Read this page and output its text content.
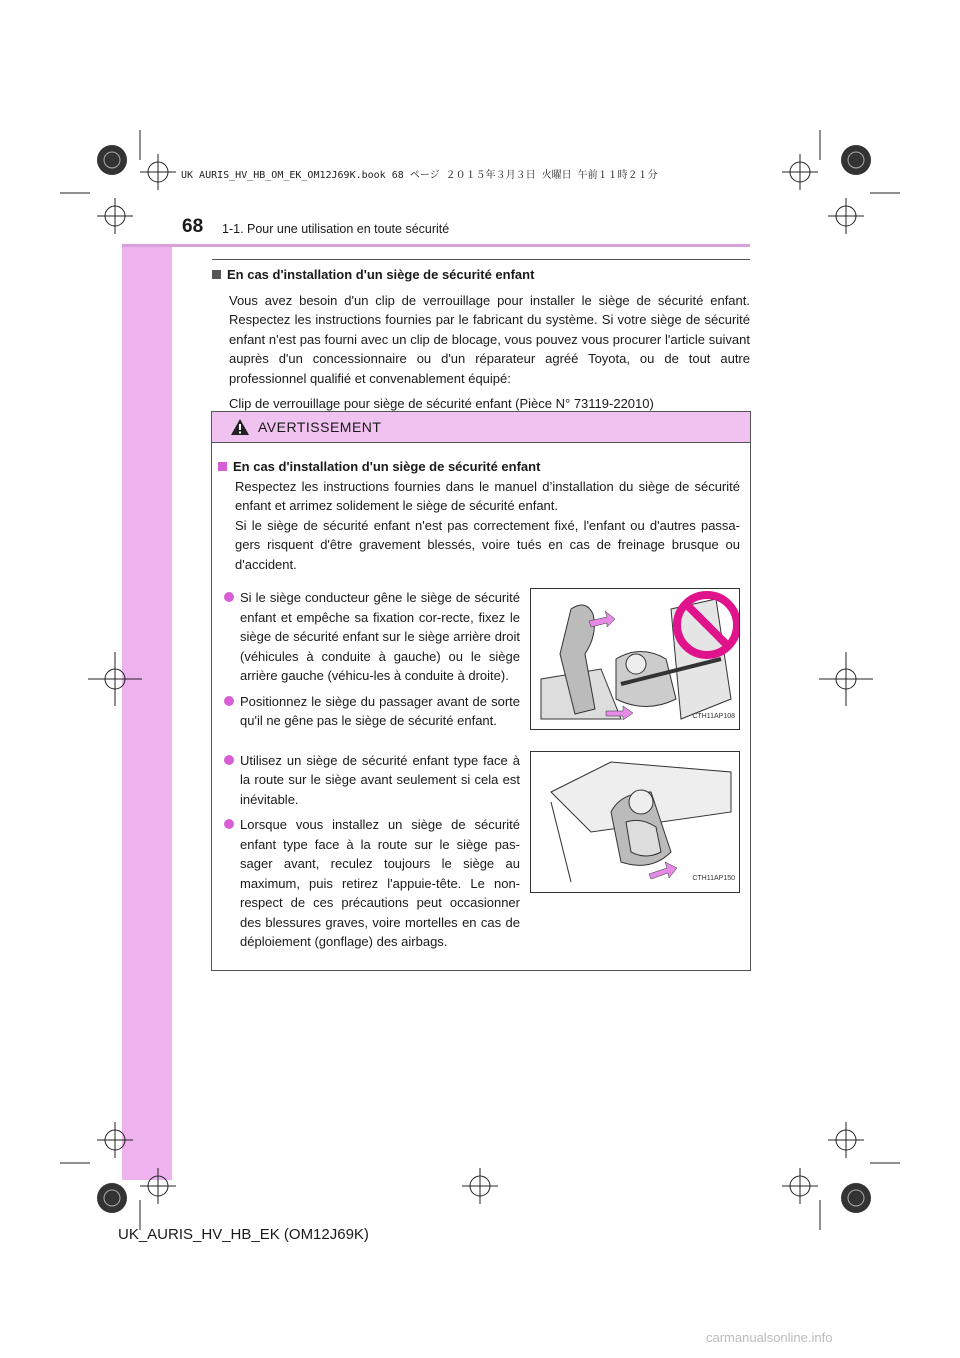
UK AURIS_HV_HB_OM_EK_OM12J69K.book 68 ページ ２０１５年３月３日 火曜日 午前１１時２１分
68 1-1. Pour une utilisation en toute sécurité
En cas d'installation d'un siège de sécurité enfant

Vous avez besoin d'un clip de verrouillage pour installer le siège de sécurité enfant. Respectez les instructions fournies par le fabricant du système. Si votre siège de sécurité enfant n'est pas fourni avec un clip de blocage, vous pouvez vous procurer l'article suivant auprès d'un concessionnaire ou d'un réparateur agréé Toyota, ou de tout autre professionnel qualifié et convenablement équipé:

Clip de verrouillage pour siège de sécurité enfant (Pièce N° 73119-22010)

AVERTISSEMENT
En cas d'installation d'un siège de sécurité enfant
Respectez les instructions fournies dans le manuel d’installation du siège de sécurité enfant et arrimez solidement le siège de sécurité enfant.
Si le siège de sécurité enfant n'est pas correctement fixé, l'enfant ou d'autres passa-gers risquent d'être gravement blessés, voire tués en cas de freinage brusque ou d'accident.
Si le siège conducteur gêne le siège de sécurité enfant et empêche sa fixation cor-recte, fixez le siège de sécurité enfant sur le siège arrière droit (véhicules à conduite à gauche) ou le siège arrière gauche (véhicu-les à conduite à droite).
Positionnez le siège du passager avant de sorte qu'il ne gêne pas le siège de sécurité enfant.	CTH11AP108
Utilisez un siège de sécurité enfant type face à la route sur le siège avant seulement si cela est inévitable.
Lorsque vous installez un siège de sécurité enfant type face à la route sur le siège pas-sager avant, reculez toujours le siège au maximum, puis retirez l'appuie-tête. Le non-respect de ces précautions peut occasionner des blessures graves, voire mortelles en cas de déploiement (gonflage) des airbags.
CTH11AP150
UK_AURIS_HV_HB_EK (OM12J69K)
carmanualsonline.info
